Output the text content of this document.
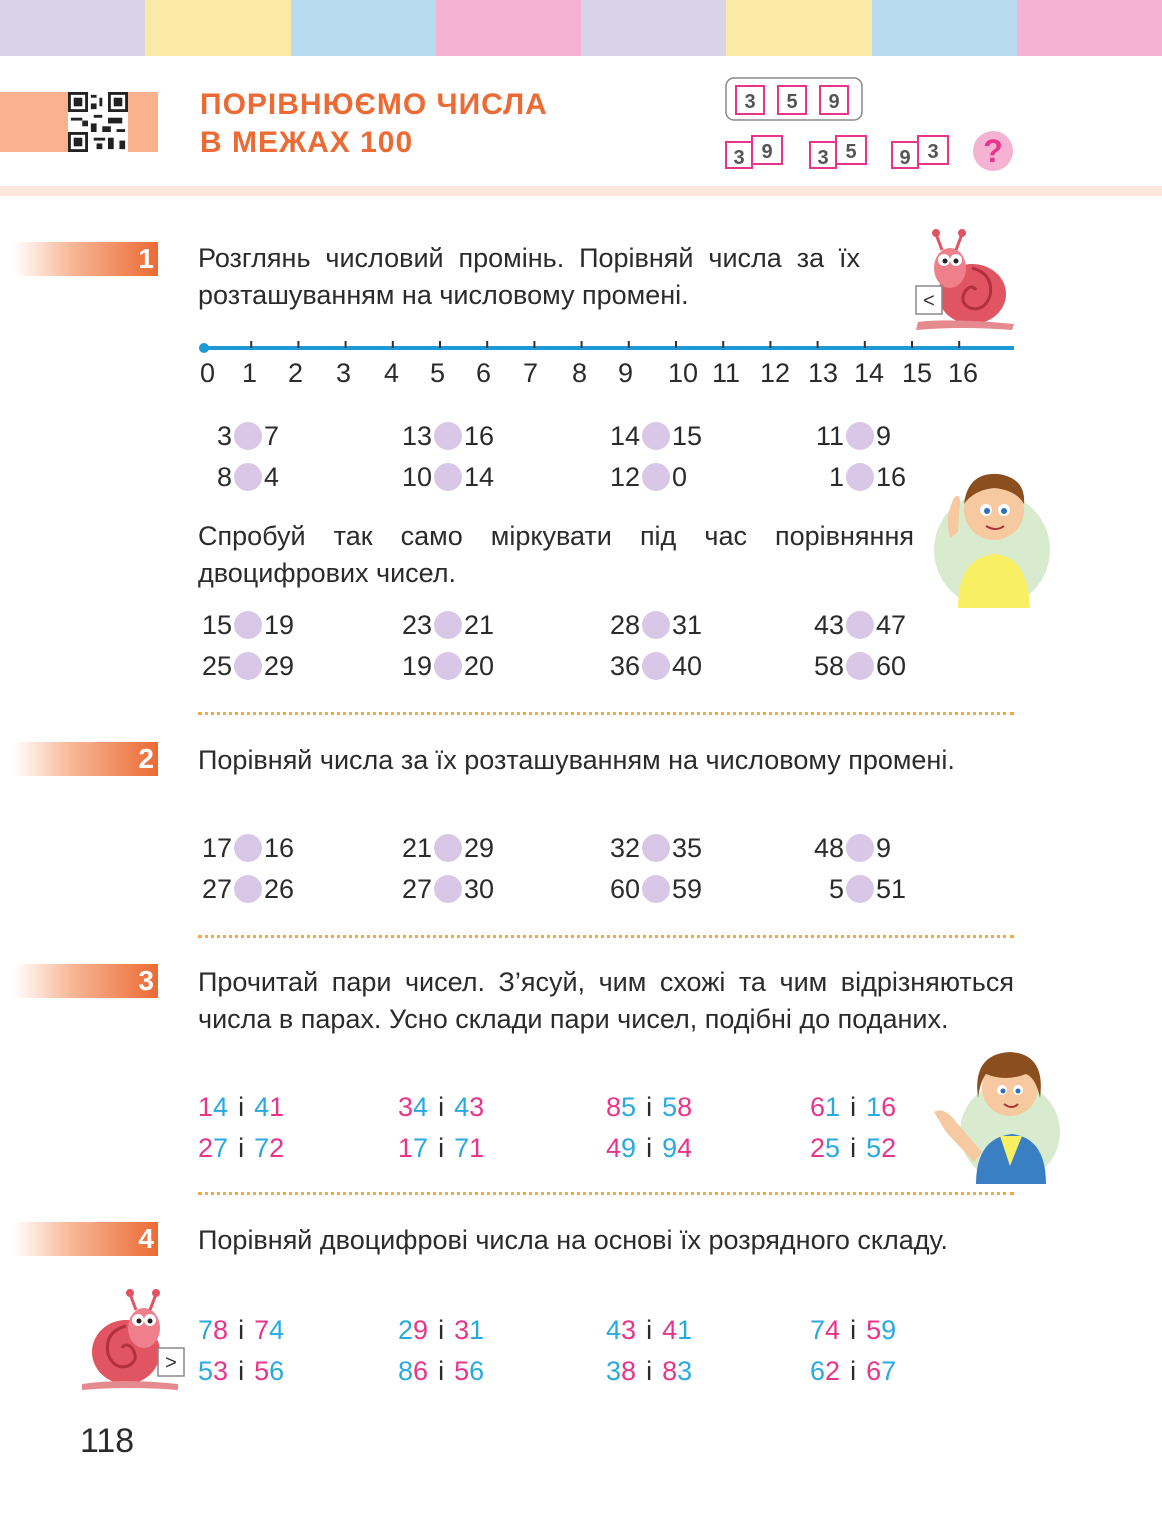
ПОРІВНЮЄМО ЧИСЛА
В МЕЖАХ 100
3 5 9
3 9 3 5 9 3 ?
1 Розглянь числовий промінь. Порівняй числа за їх розташуванням на числовому промені.	<
0 1 2 3 4 5 6 7 8 9 10 11 12 13 14 15 16
3 7	13 16	14 15	11 9
8 4	10 14	12 0	1 16
Спробуй так само міркувати під час порівняння двоцифрових чисел.
15 19	23 21	28 31	43 47
25 29	19 20	36 40	58 60
2 Порівняй числа за їх розташуванням на числовому промені.
17 16	21 29	32 35	48 9
27 26	27 30	60 59	5 51
3 Прочитай пари чисел. З’ясуй, чим схожі та чим відрізняються числа в парах. Усно склади пари чисел, подібні до поданих.
14 і 41	34 і 43	85 і 58	61 і 16
27 і 72	17 і 71	49 і 94	25 і 52
4 Порівняй двоцифрові числа на основі їх розрядного складу.
>
78 і 74	29 і 31	43 і 41	74 і 59
53 і 56	86 і 56	38 і 83	62 і 67
118
